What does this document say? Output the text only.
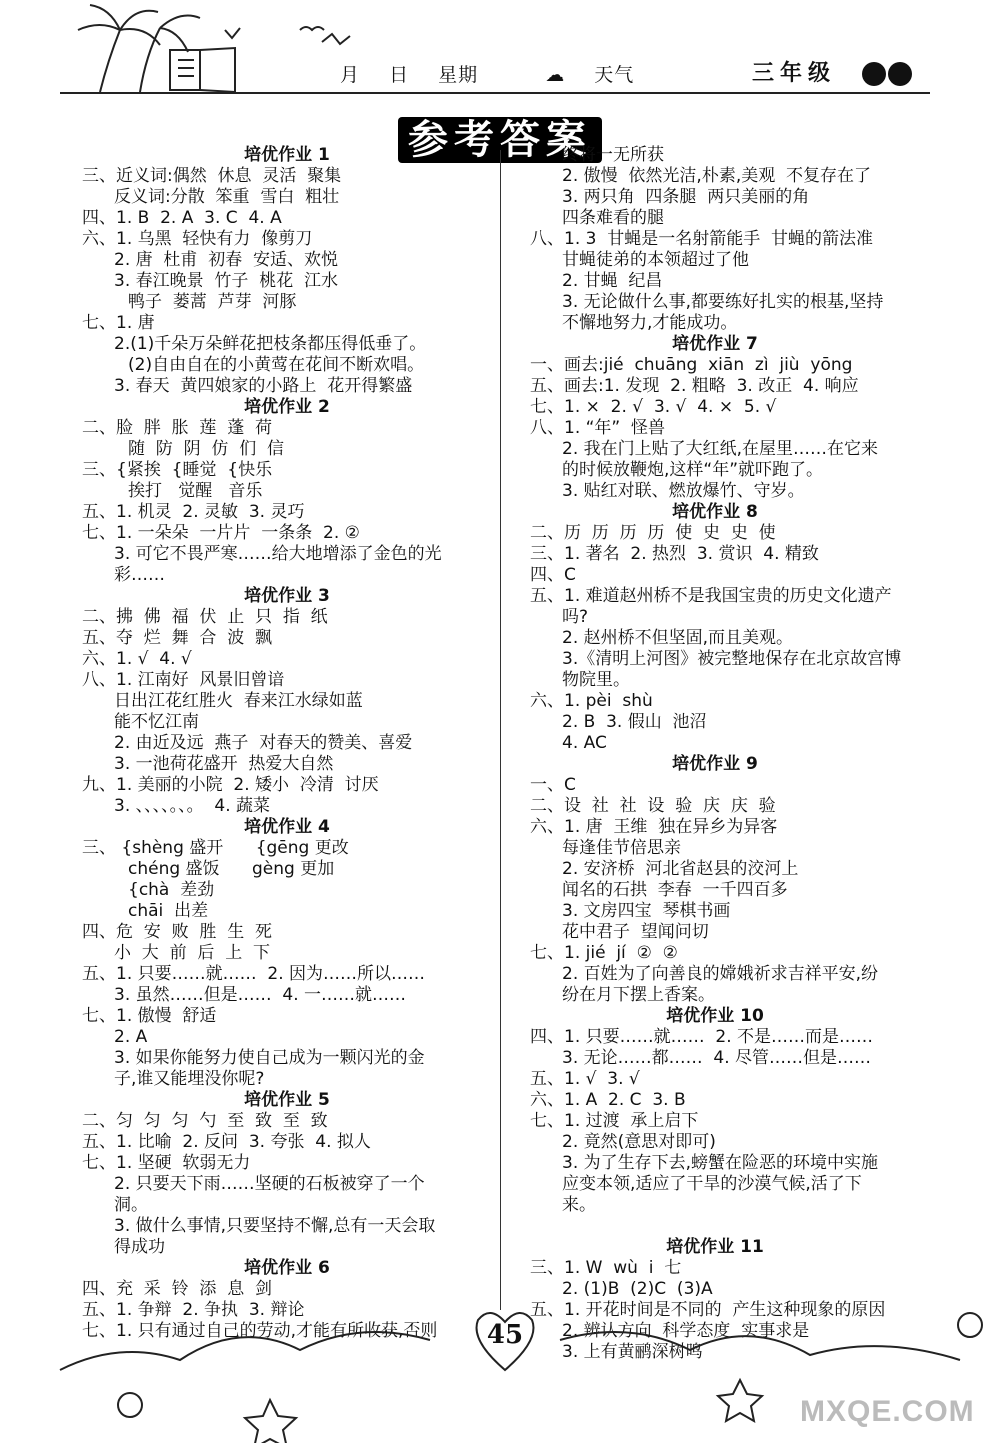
月 日 星期	☁ 天气	三年级
参考答案
培优作业 1
三、近义词:偶然  休息  灵活  聚集
反义词:分散  笨重  雪白  粗壮
四、1. B  2. A  3. C  4. A
六、1. 乌黑  轻快有力  像剪刀
2. 唐  杜甫  初春  安适、欢悦
3. 春江晚景  竹子  桃花  江水
鸭子  蒌蒿  芦芽  河豚
七、1. 唐
2.(1)千朵万朵鲜花把枝条都压得低垂了。
(2)自由自在的小黄莺在花间不断欢唱。
3. 春天  黄四娘家的小路上  花开得繁盛
培优作业 2
二、脸  胖  胀  莲  蓬  荷
随  防  阴  仿  们  信
三、{紧挨  {睡觉  {快乐
挨打   觉醒   音乐
五、1. 机灵  2. 灵敏  3. 灵巧
七、1. 一朵朵  一片片  一条条  2. ②
3. 可它不畏严寒……给大地增添了金色的光
彩……
培优作业 3
二、拂  佛  福  伏  止  只  指  纸
五、夺  烂  舞  合  波  飘
六、1. √  4. √
八、1. 江南好  风景旧曾谙
日出江花红胜火  春来江水绿如蓝
能不忆江南
2. 由近及远  燕子  对春天的赞美、喜爱
3. 一池荷花盛开  热爱大自然
九、1. 美丽的小院  2. 矮小  冷清  讨厌
3. 、、、、。、。  4. 蔬菜
培优作业 4
三、 {shèng 盛开      {gēng 更改
chéng 盛饭      gèng 更加
{chà  差劲
chāi  出差
四、危  安  败  胜  生  死
小  大  前  后  上  下
五、1. 只要……就……  2. 因为……所以……
3. 虽然……但是……  4. 一……就……
七、1. 傲慢  舒适
2. A
3. 如果你能努力使自己成为一颗闪光的金
子,谁又能埋没你呢?
培优作业 5
二、匀  匀  匀  勺  至  致  至  致
五、1. 比喻  2. 反问  3. 夸张  4. 拟人
七、1. 坚硬  软弱无力
2. 只要天下雨……坚硬的石板被穿了一个
洞。
3. 做什么事情,只要坚持不懈,总有一天会取
得成功
培优作业 6
四、充  采  铃  添  息  剑
五、1. 争辩  2. 争执  3. 辩论
七、1. 只有通过自己的劳动,才能有所收获,否则
终将一无所获
2. 傲慢  依然光洁,朴素,美观  不复存在了
3. 两只角  四条腿  两只美丽的角
四条难看的腿
八、1. 3  甘蝇是一名射箭能手  甘蝇的箭法准
甘蝇徒弟的本领超过了他
2. 甘蝇  纪昌
3. 无论做什么事,都要练好扎实的根基,坚持
不懈地努力,才能成功。
培优作业 7
一、画去:jié  chuāng  xiān  zì  jiù  yōng
五、画去:1. 发现  2. 粗略  3. 改正  4. 响应
七、1. ×  2. √  3. √  4. ×  5. √
八、1. “年”  怪兽
2. 我在门上贴了大红纸,在屋里……在它来
的时候放鞭炮,这样“年”就吓跑了。
3. 贴红对联、燃放爆竹、守岁。
培优作业 8
二、历  历  历  历  使  史  史  使
三、1. 著名  2. 热烈  3. 赏识  4. 精致
四、C
五、1. 难道赵州桥不是我国宝贵的历史文化遗产
吗?
2. 赵州桥不但坚固,而且美观。
3.《清明上河图》被完整地保存在北京故宫博
物院里。
六、1. pèi  shù
2. B  3. 假山  池沼
4. AC
培优作业 9
一、C
二、设  社  社  设  验  庆  庆  验
六、1. 唐  王维  独在异乡为异客
每逢佳节倍思亲
2. 安济桥  河北省赵县的洨河上
闻名的石拱  李春  一千四百多
3. 文房四宝  琴棋书画
花中君子  望闻问切
七、1. jié  jí  ②  ②
2. 百姓为了向善良的嫦娥祈求吉祥平安,纷
纷在月下摆上香案。
培优作业 10
四、1. 只要……就……  2. 不是……而是……
3. 无论……都……  4. 尽管……但是……
五、1. √  3. √
六、1. A  2. C  3. B
七、1. 过渡  承上启下
2. 竟然(意思对即可)
3. 为了生存下去,螃蟹在险恶的环境中实施
应变本领,适应了干旱的沙漠气候,活了下
来。

培优作业 11
三、1. W  wù  i  七
2. (1)B  (2)C  (3)A
五、1. 开花时间是不同的  产生这种现象的原因
2. 辨认方向  科学态度  实事求是
3. 上有黄鹂深树鸣
45
MXQE.COM
